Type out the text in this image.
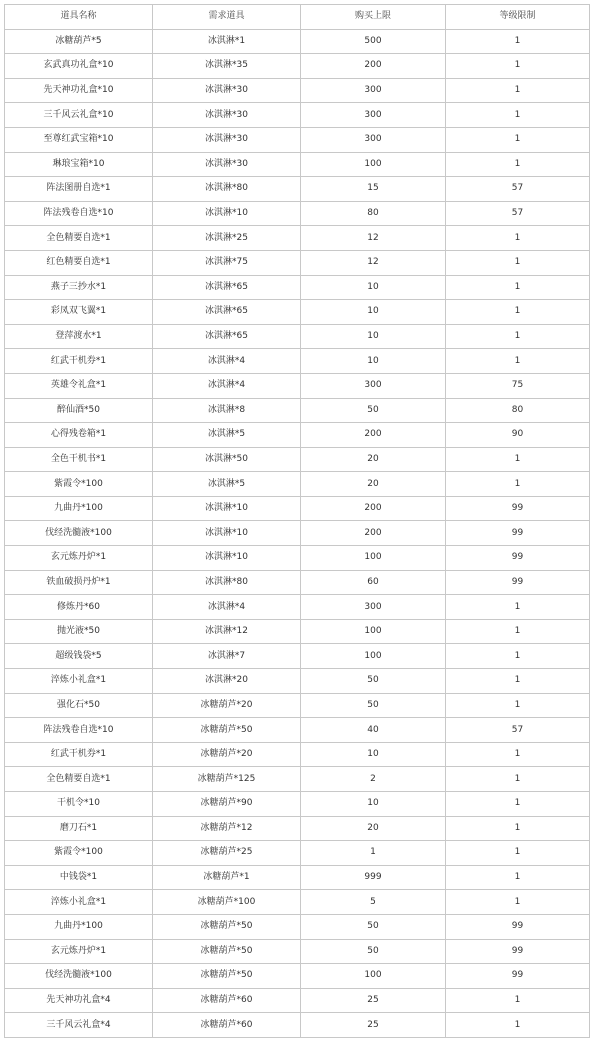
道具名称	需求道具	购买上限	等级限制
冰糖葫芦*5	冰淇淋*1	500	1
玄武真功礼盒*10	冰淇淋*35	200	1
先天神功礼盒*10	冰淇淋*30	300	1
三千风云礼盒*10	冰淇淋*30	300	1
至尊红武宝箱*10	冰淇淋*30	300	1
琳琅宝箱*10	冰淇淋*30	100	1
阵法图册自选*1	冰淇淋*80	15	57
阵法残卷自选*10	冰淇淋*10	80	57
全色精要自选*1	冰淇淋*25	12	1
红色精要自选*1	冰淇淋*75	12	1
燕子三抄水*1	冰淇淋*65	10	1
彩凤双飞翼*1	冰淇淋*65	10	1
登萍渡水*1	冰淇淋*65	10	1
红武干机券*1	冰淇淋*4	10	1
英雄令礼盒*1	冰淇淋*4	300	75
醉仙酒*50	冰淇淋*8	50	80
心得残卷箱*1	冰淇淋*5	200	90
全色干机书*1	冰淇淋*50	20	1
紫霞令*100	冰淇淋*5	20	1
九曲丹*100	冰淇淋*10	200	99
伐经洗髓液*100	冰淇淋*10	200	99
玄元炼丹炉*1	冰淇淋*10	100	99
铁血破损丹炉*1	冰淇淋*80	60	99
修炼丹*60	冰淇淋*4	300	1
抛光液*50	冰淇淋*12	100	1
超级钱袋*5	冰淇淋*7	100	1
淬炼小礼盒*1	冰淇淋*20	50	1
强化石*50	冰糖葫芦*20	50	1
阵法残卷自选*10	冰糖葫芦*50	40	57
红武干机券*1	冰糖葫芦*20	10	1
全色精要自选*1	冰糖葫芦*125	2	1
干机令*10	冰糖葫芦*90	10	1
磨刀石*1	冰糖葫芦*12	20	1
紫霞令*100	冰糖葫芦*25	1	1
中钱袋*1	冰糖葫芦*1	999	1
淬炼小礼盒*1	冰糖葫芦*100	5	1
九曲丹*100	冰糖葫芦*50	50	99
玄元炼丹炉*1	冰糖葫芦*50	50	99
伐经洗髓液*100	冰糖葫芦*50	100	99
先天神功礼盒*4	冰糖葫芦*60	25	1
三千风云礼盒*4	冰糖葫芦*60	25	1
